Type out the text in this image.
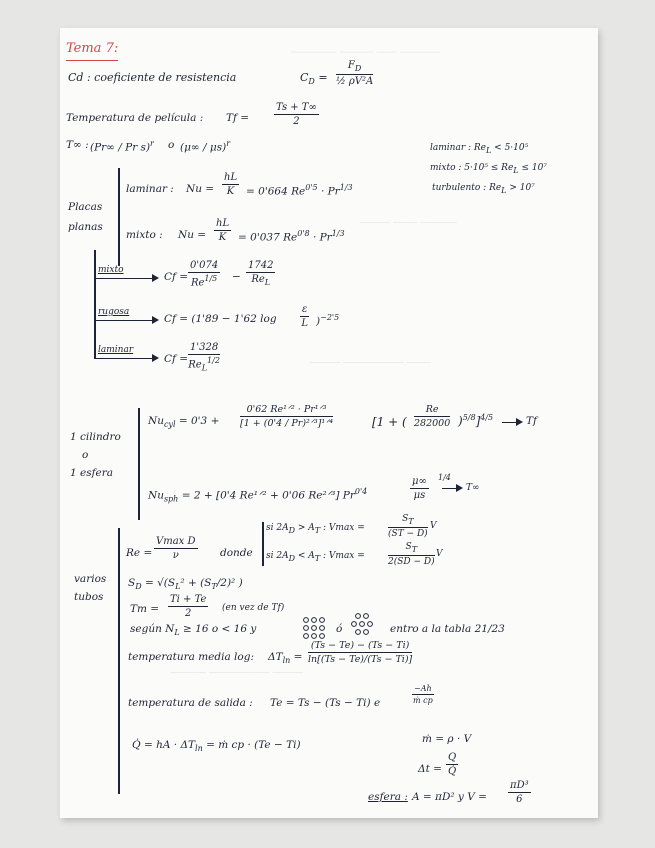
─────── ───── ─── ──────
───── ──── ──────
───── ────────── ────
────── ────────── ─────
Tema 7:
Cd : coeficiente de resistencia	$C_D = \frac{F_D}{\text{½ ρV²A}}$
Temperatura de película : $Tf = \frac{Ts + T\infty}{2}$
T∞ : (Pr∞ / Pr s)$^r$ o (μ∞ / μs)$^r$	laminar : $Re_L < 5\cdot 10^5$
mixto : $5\cdot 10^5 \le Re_L \le 10^7$
turbulento : $Re_L > 10^7$
Placas
planas
laminar : $Nu = \frac{hL}{K} = 0'664$ $Re^{0'5} \cdot Pr^{1/3}$
mixto : $Nu = \frac{hL}{K} = 0'037$ $Re^{0'8} \cdot Pr^{1/3}$
mixto
$Cf = \frac{0'074}{Re^{1/5}}$ −
1742
$Re_L$
rugosa
Cf = (1'89 − 1'62 $\log \frac{\varepsilon}{L} )^{-2'5}$
laminar
Cf =
1'328
$Re_L^{1/2}$
1 cilindro
o
1 esfera
$Nu_{cyl} = 0'3$ +
0'62 Re¹ᐟ² · Pr¹ᐟ³
[1 + (0'4 / Pr)²ᐟ³]¹ᐟ⁴	[1 + ( $\frac{Re}{282000} )^{5/8}]^{4/5}$	Tf
$Nu_{sph} = 2 + [0'4$ Re¹ᐟ² + 0'06 Re²ᐟ³] $Pr^{0'4}$	$\frac{\mu\infty}{\mu s} 1/4$
T∞
varios
tubos
Re =
Vmax D
ν	donde
si $2A_D > A_T$ : Vmax =	$\frac{S_T}{(ST - D)}$ V
si $2A_D < A_T$ : Vmax =	$\frac{S_T}{2(SD - D)}$ V
$S_D = √(S_L^2 + (S_T/2)^2$ )
$Tm = \frac{Ti + Te}{2} (en$ vez de Tf)
según $N_L \ge 16$ o < 16 y	ó	entro a la tabla 21/23
temperatura media log: $\Delta T_{ln} = \frac{(Ts - Te) - (Ts - Ti)}{\ln[(Ts - Te)/(Ts - Ti)]}$
temperatura de salida : Te = Ts − (Ts − Ti) e	$\frac{-Ah}{\text{ṁ cp}}$
Q̇ = hA · $\Delta T_{ln}$ = ṁ cp · (Te − Ti)	ṁ = ρ · V
$\Delta t = \frac{Q}{Q̇}$
esfera : A = πD² y $V = \frac{\text{πD³}}{6}$
